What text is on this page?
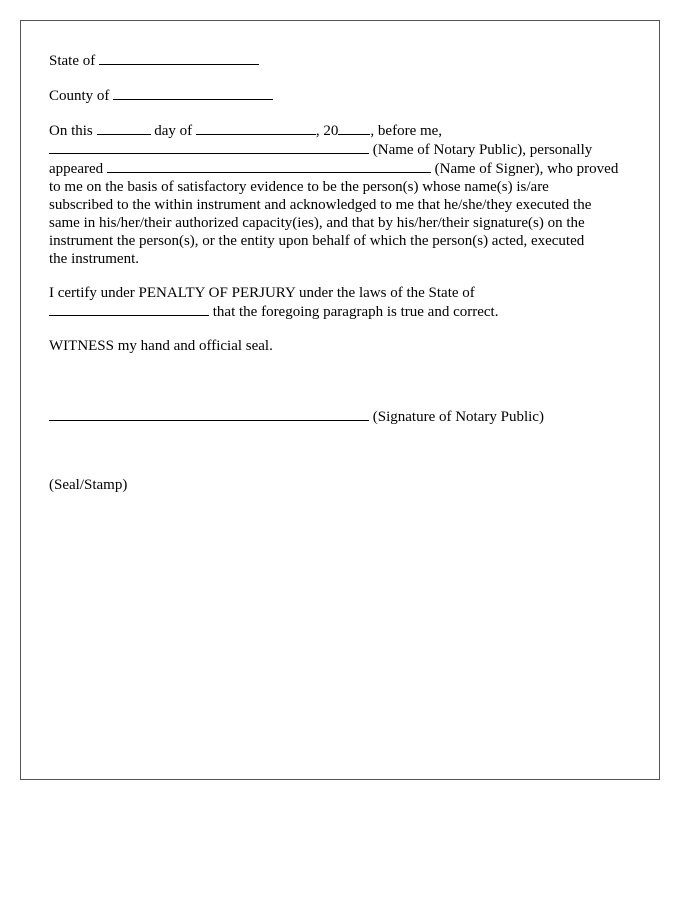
State of

County of

On this	day of	, 20 , before me,

(Name of Notary Public), personally

appeared	(Name of Signer), who proved

to me on the basis of satisfactory evidence to be the person(s) whose name(s) is/are

subscribed to the within instrument and acknowledged to me that he/she/they executed the

same in his/her/their authorized capacity(ies), and that by his/her/their signature(s) on the

instrument the person(s), or the entity upon behalf of which the person(s) acted, executed

the instrument.

I certify under PENALTY OF PERJURY under the laws of the State of

that the foregoing paragraph is true and correct.

WITNESS my hand and official seal.

(Signature of Notary Public)

(Seal/Stamp)
